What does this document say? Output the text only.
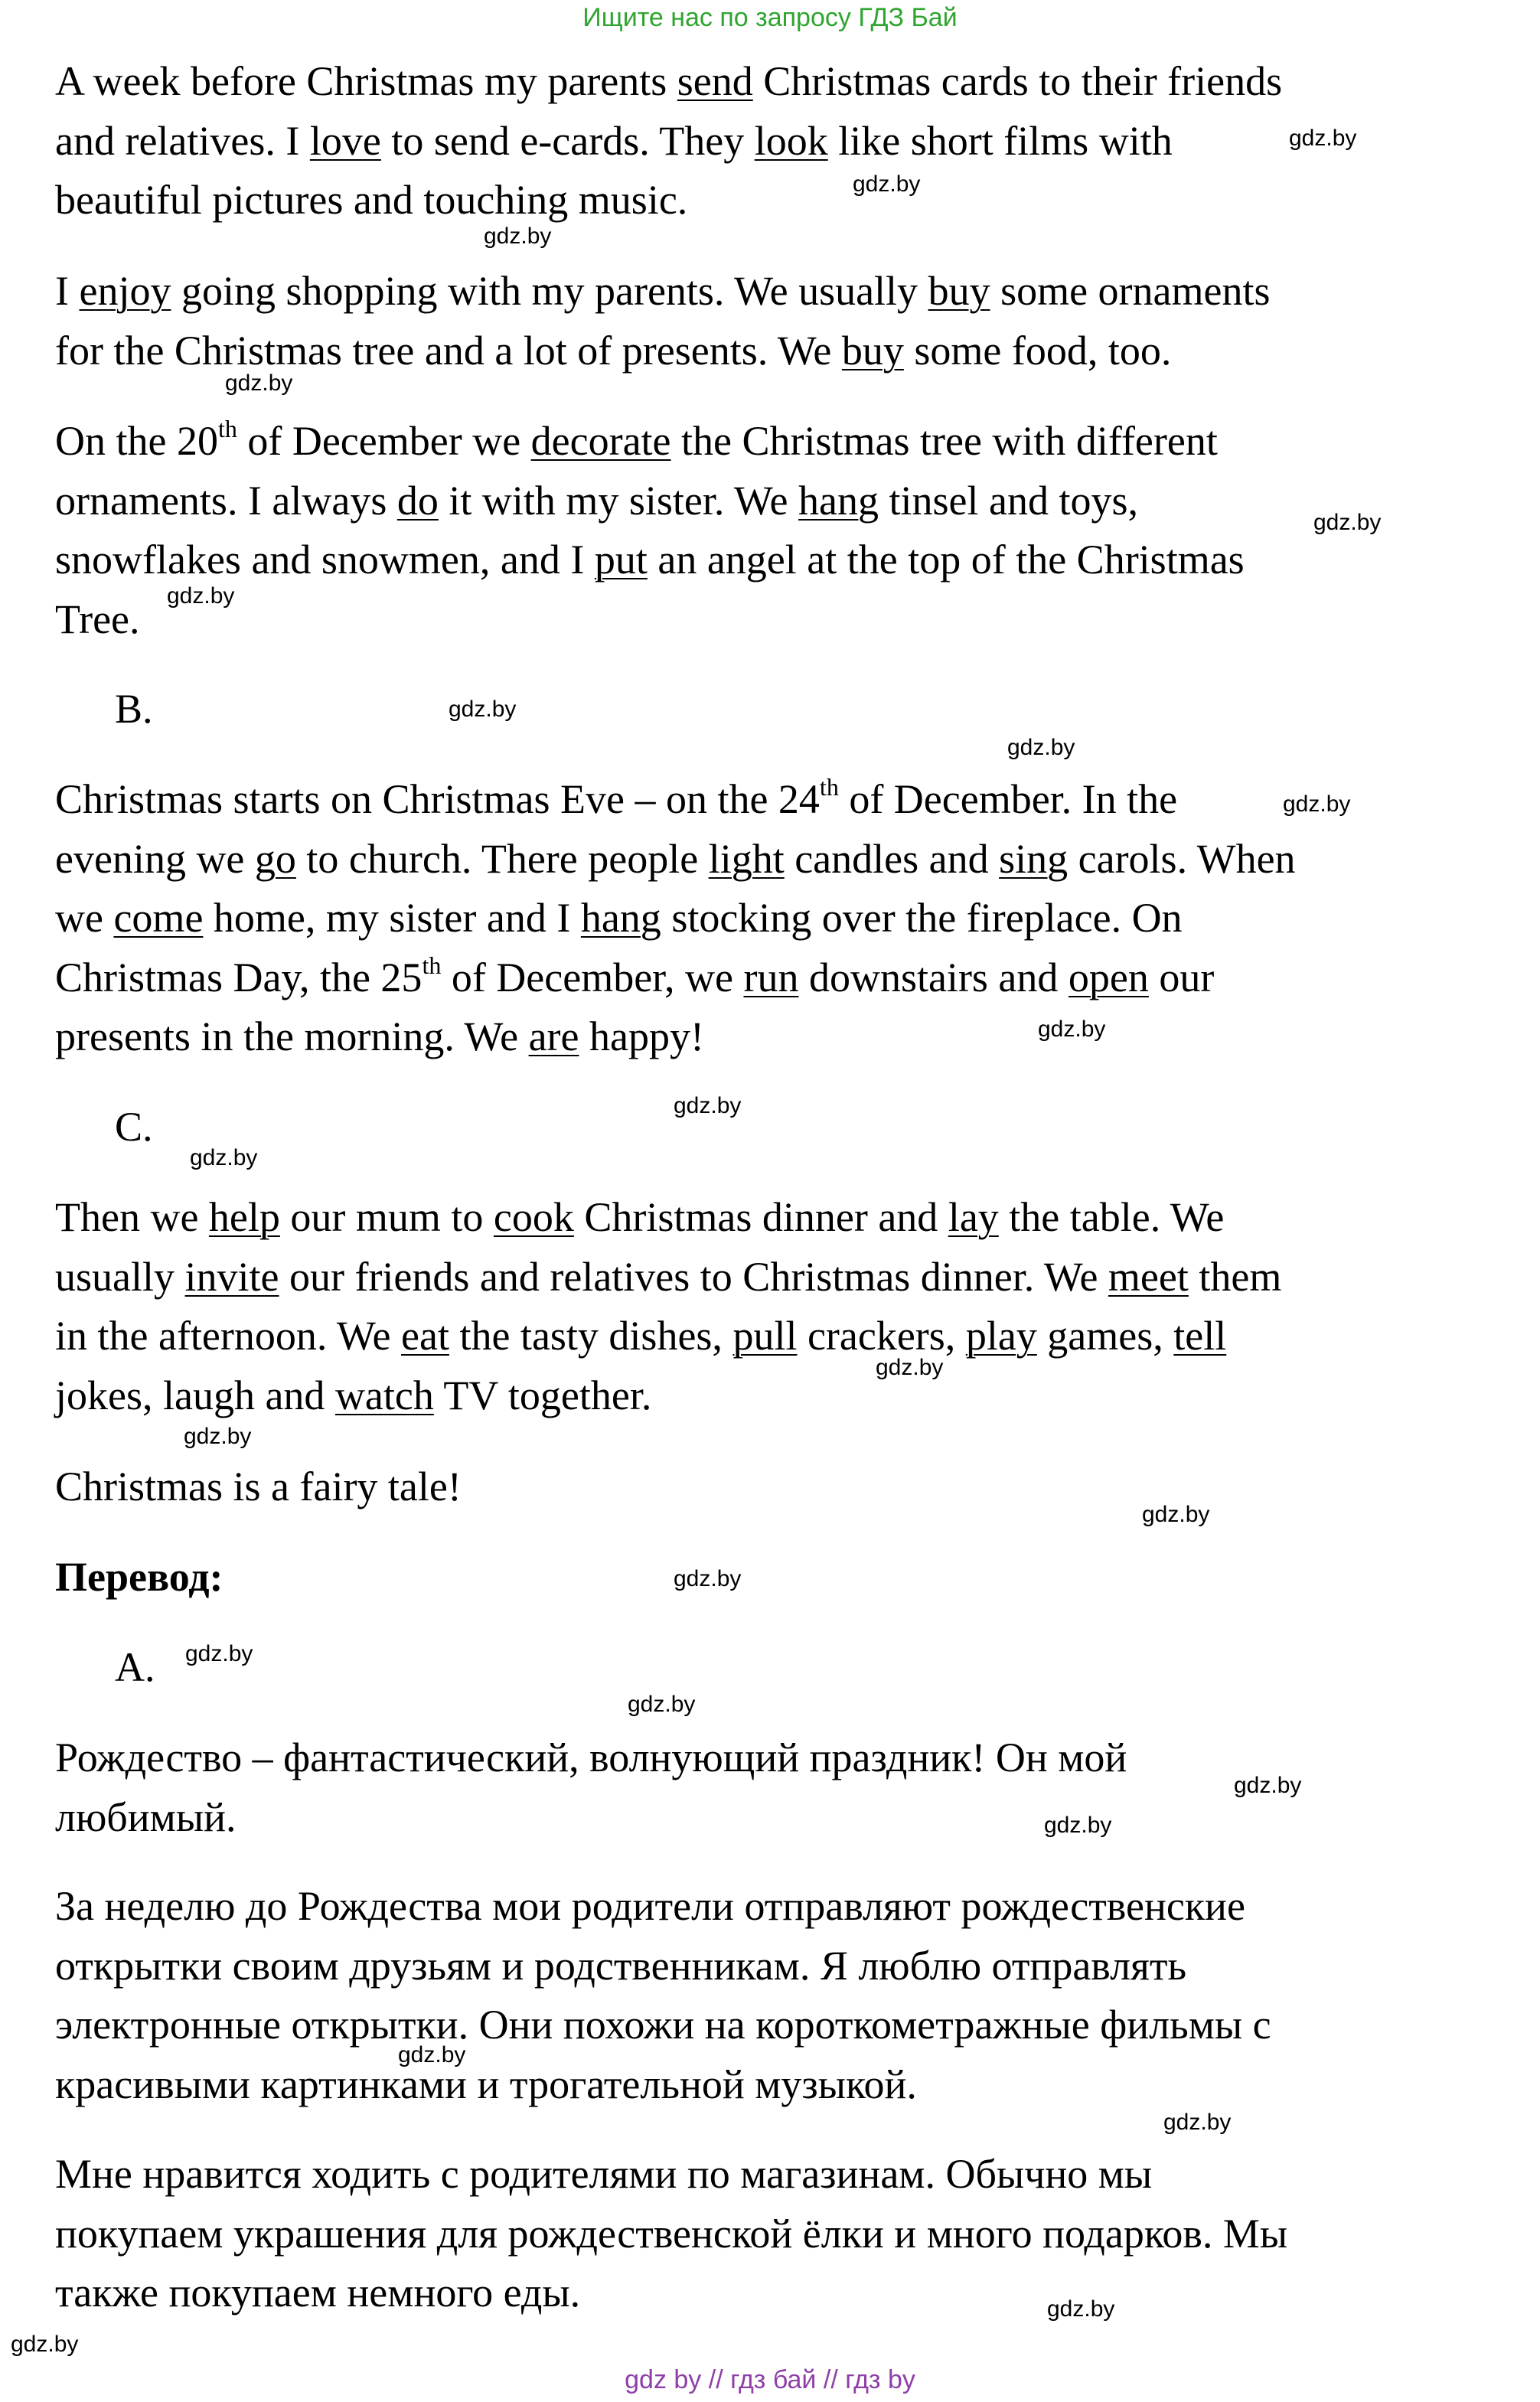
Ищите нас по запросу ГДЗ Бай
A week before Christmas my parents send Christmas cards to their friends
and relatives. I love to send e-cards. They look like short films with
beautiful pictures and touching music.
I enjoy going shopping with my parents. We usually buy some ornaments
for the Christmas tree and a lot of presents. We buy some food, too.
On the 20th of December we decorate the Christmas tree with different
ornaments. I always do it with my sister. We hang tinsel and toys,
snowflakes and snowmen, and I put an angel at the top of the Christmas
Tree.
B.
Christmas starts on Christmas Eve – on the 24th of December. In the
evening we go to church. There people light candles and sing carols. When
we come home, my sister and I hang stocking over the fireplace. On
Christmas Day, the 25th of December, we run downstairs and open our
presents in the morning. We are happy!
C.
Then we help our mum to cook Christmas dinner and lay the table. We
usually invite our friends and relatives to Christmas dinner. We meet them
in the afternoon. We eat the tasty dishes, pull crackers, play games, tell
jokes, laugh and watch TV together.
Christmas is a fairy tale!
Перевод:
А.
Рождество – фантастический, волнующий праздник! Он мой
любимый.
За неделю до Рождества мои родители отправляют рождественские
открытки своим друзьям и родственникам. Я люблю отправлять
электронные открытки. Они похожи на короткометражные фильмы с
красивыми картинками и трогательной музыкой.
Мне нравится ходить с родителями по магазинам. Обычно мы
покупаем украшения для рождественской ёлки и много подарков. Мы
также покупаем немного еды.
gdz.by
gdz.by
gdz.by
gdz.by
gdz.by
gdz.by
gdz.by
gdz.by
gdz.by
gdz.by
gdz.by
gdz.by
gdz.by
gdz.by
gdz.by
gdz.by
gdz.by
gdz.by
gdz.by
gdz.by
gdz.by
gdz.by
gdz.by
gdz.by
gdz by // гдз бай // гдз by
